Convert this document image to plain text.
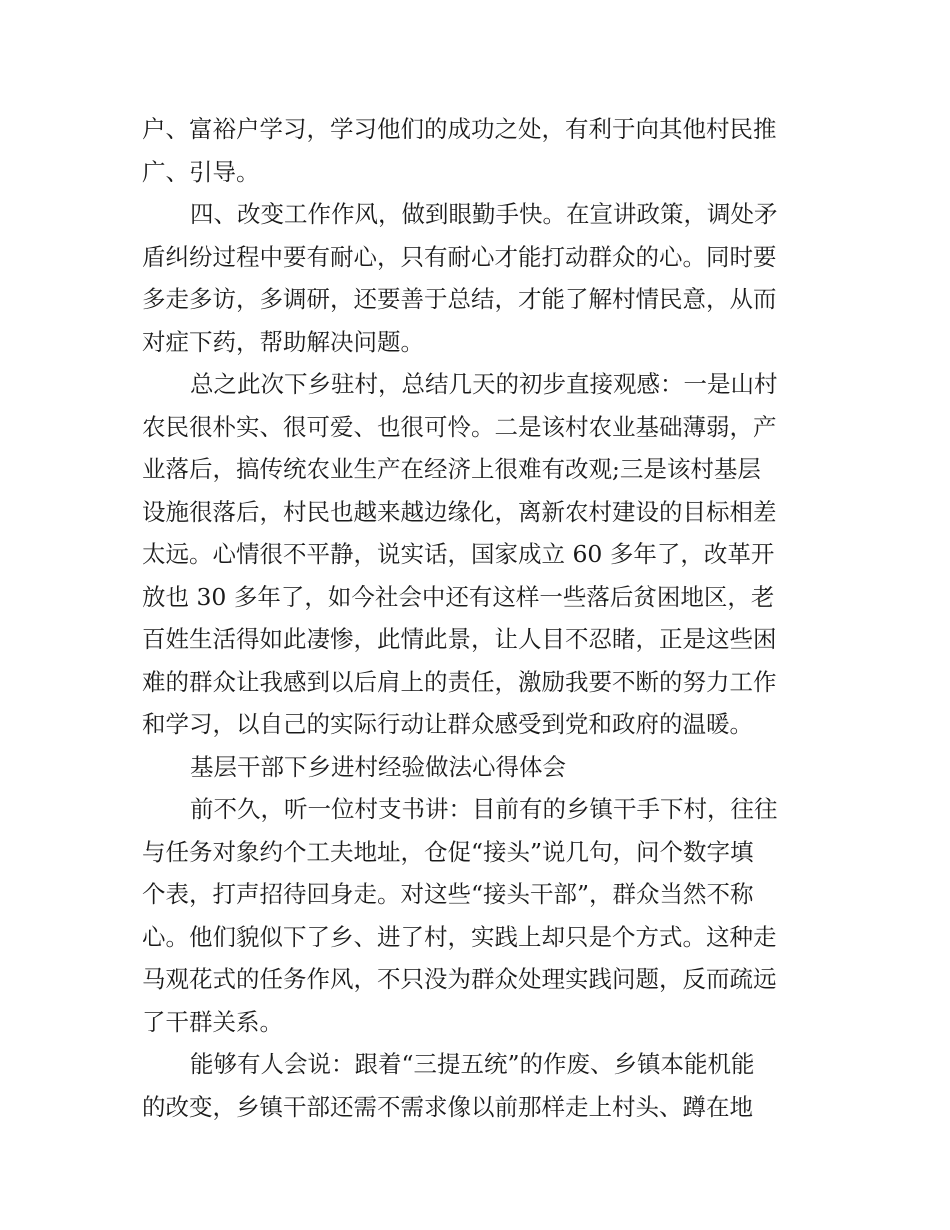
户、富裕户学习，学习他们的成功之处，有利于向其他村民推
广、引导。
四、改变工作作风，做到眼勤手快。在宣讲政策，调处矛
盾纠纷过程中要有耐心，只有耐心才能打动群众的心。同时要
多走多访，多调研，还要善于总结，才能了解村情民意，从而
对症下药，帮助解决问题。
总之此次下乡驻村，总结几天的初步直接观感：一是山村
农民很朴实、很可爱、也很可怜。二是该村农业基础薄弱，产
业落后，搞传统农业生产在经济上很难有改观;三是该村基层
设施很落后，村民也越来越边缘化，离新农村建设的目标相差
太远。心情很不平静，说实话，国家成立 60 多年了，改革开
放也 30 多年了，如今社会中还有这样一些落后贫困地区，老
百姓生活得如此凄惨，此情此景，让人目不忍睹，正是这些困
难的群众让我感到以后肩上的责任，激励我要不断的努力工作
和学习，以自己的实际行动让群众感受到党和政府的温暖。
基层干部下乡进村经验做法心得体会
前不久，听一位村支书讲：目前有的乡镇干手下村，往往
与任务对象约个工夫地址，仓促“接头”说几句，问个数字填
个表，打声招待回身走。对这些“接头干部”，群众当然不称
心。他们貌似下了乡、进了村，实践上却只是个方式。这种走
马观花式的任务作风，不只没为群众处理实践问题，反而疏远
了干群关系。
能够有人会说：跟着“三提五统”的作废、乡镇本能机能
的改变，乡镇干部还需不需求像以前那样走上村头、蹲在地
